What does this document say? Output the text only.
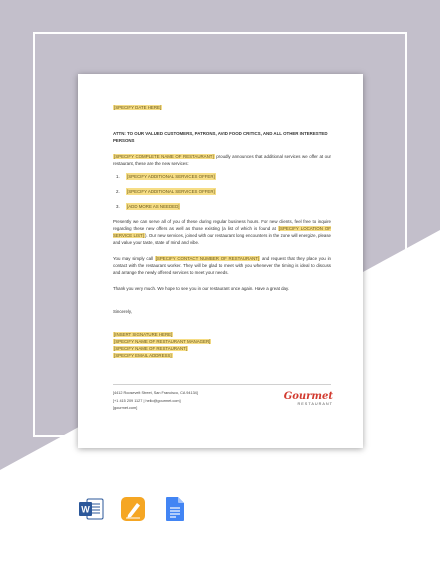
[SPECIFY DATE HERE]
ATTN: TO OUR VALUED CUSTOMERS, PATRONS, AVID FOOD CRITICS, AND ALL OTHER INTERESTED PERSONS
[SPECIFY COMPLETE NAME OF RESTAURANT] proudly announces that additional services we offer at our restaurant, these are the new services:
1.	[SPECIFY ADDITIONAL SERVICES OFFER]
2.	[SPECIFY ADDITIONAL SERVICES OFFER]
3.	[ADD MORE AS NEEDED]
Presently we can serve all of you of these during regular business hours. For new clients, feel free to inquire regarding these new offers as well as those existing (a list of which is found at [SPECIFY LOCATION OF SERVICE LIST]). Our new services, joined with our restaurant long encounters in the zone will energize, please and value your taste, state of mind and vibe.
You may simply call [SPECIFY CONTACT NUMBER OF RESTAURANT] and request that they place you in contact with the restaurant worker. They will be glad to meet with you whenever the timing is ideal to discuss and arrange the newly offered services to meet your needs.
Thank you very much. We hope to see you in our restaurant once again. Have a great day.
Sincerely,
[INSERT SIGNATURE HERE]
[SPECIFY NAME OF RESTAURANT MANAGER]
[SPECIFY NAME OF RESTAURANT]
[SPECIFY EMAIL ADDRESS]
[4412 Roosevelt Street, San Francisco, CA 94134]
[+1 415 209 1127 | hello@gourmet.com]
[gourmet.com]
Gourmet
RESTAURANT
W
